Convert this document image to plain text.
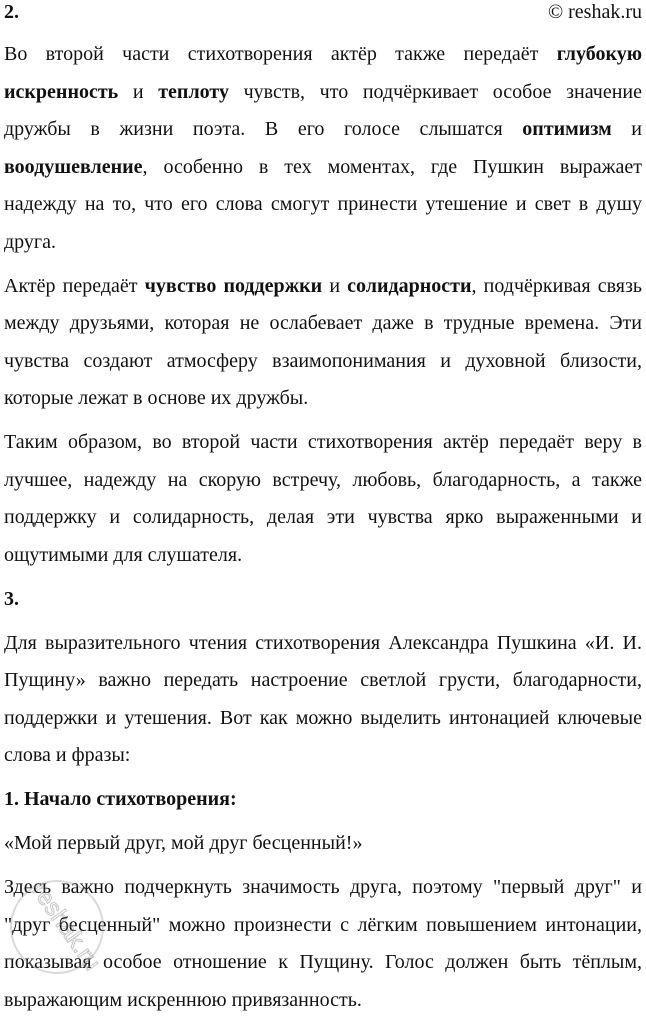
2.	© reshak.ru

Во второй части стихотворения актёр также передаёт глубокую искренность и теплоту чувств, что подчёркивает особое значение дружбы в жизни поэта. В его голосе слышатся оптимизм и воодушевление, особенно в тех моментах, где Пушкин выражает надежду на то, что его слова смогут принести утешение и свет в душу друга.

Актёр передаёт чувство поддержки и солидарности, подчёркивая связь между друзьями, которая не ослабевает даже в трудные времена. Эти чувства создают атмосферу взаимопонимания и духовной близости, которые лежат в основе их дружбы.

Таким образом, во второй части стихотворения актёр передаёт веру в лучшее, надежду на скорую встречу, любовь, благодарность, а также поддержку и солидарность, делая эти чувства ярко выраженными и ощутимыми для слушателя.

3.

Для выразительного чтения стихотворения Александра Пушкина «И. И. Пущину» важно передать настроение светлой грусти, благодарности, поддержки и утешения. Вот как можно выделить интонацией ключевые слова и фразы:

1. Начало стихотворения:

«Мой первый друг, мой друг бесценный!»

Здесь важно подчеркнуть значимость друга, поэтому "первый друг" и "друг бесценный" можно произнести с лёгким повышением интонации, показывая особое отношение к Пущину. Голос должен быть тёплым, выражающим искреннюю привязанность.

reshak.ru
